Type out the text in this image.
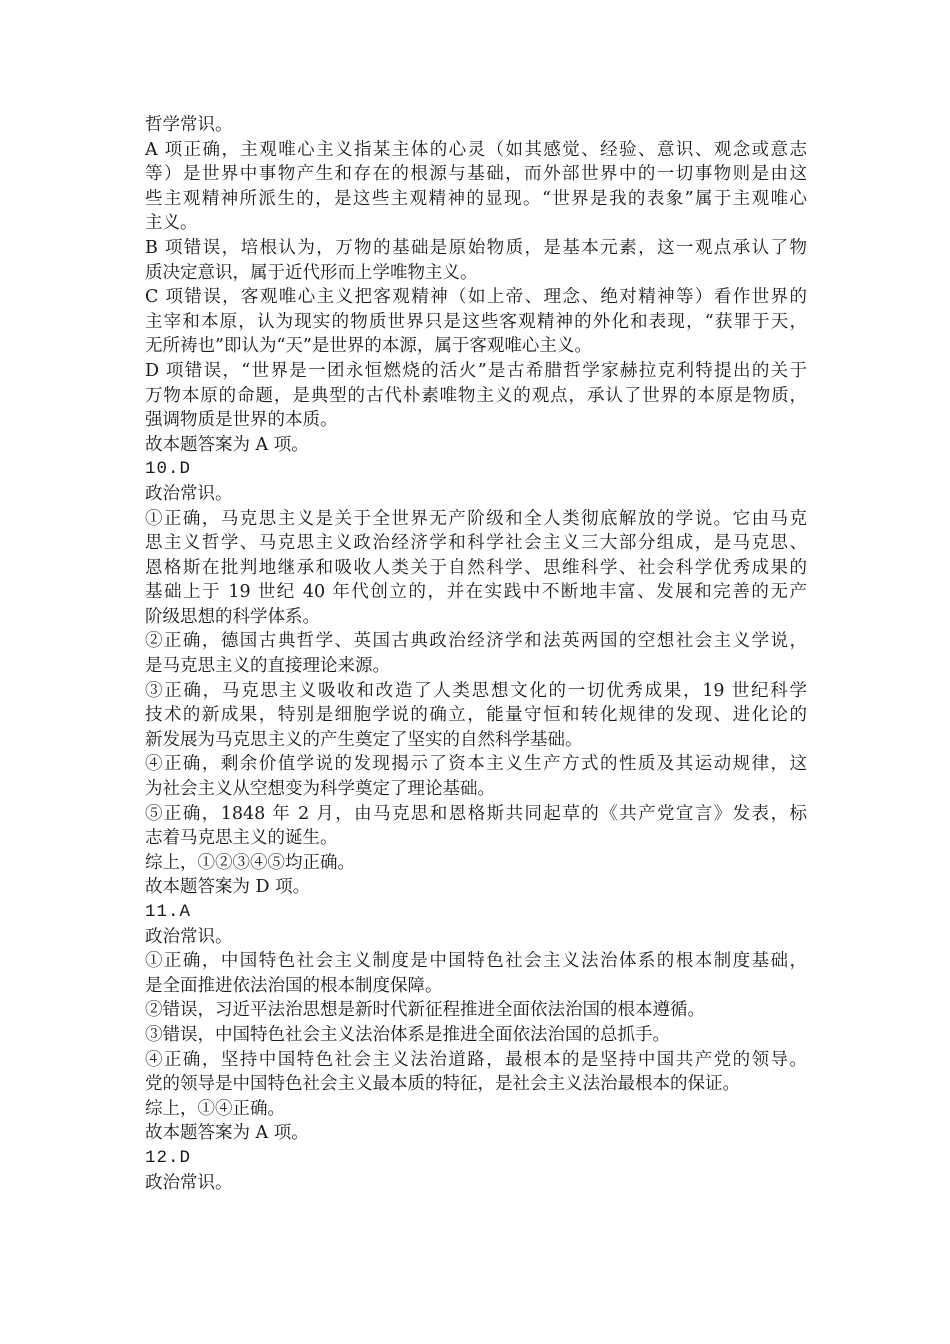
哲学常识。
A 项正确，主观唯心主义指某主体的心灵（如其感觉、经验、意识、观念或意志
等）是世界中事物产生和存在的根源与基础，而外部世界中的一切事物则是由这
些主观精神所派生的，是这些主观精神的显现。“世界是我的表象”属于主观唯心
主义。
B 项错误，培根认为，万物的基础是原始物质，是基本元素，这一观点承认了物
质决定意识，属于近代形而上学唯物主义。
C 项错误，客观唯心主义把客观精神（如上帝、理念、绝对精神等）看作世界的
主宰和本原，认为现实的物质世界只是这些客观精神的外化和表现，“获罪于天，
无所祷也”即认为“天”是世界的本源，属于客观唯心主义。
D 项错误，“世界是一团永恒燃烧的活火”是古希腊哲学家赫拉克利特提出的关于
万物本原的命题，是典型的古代朴素唯物主义的观点，承认了世界的本原是物质，
强调物质是世界的本质。
故本题答案为 A 项。
10.D
政治常识。
①正确，马克思主义是关于全世界无产阶级和全人类彻底解放的学说。它由马克
思主义哲学、马克思主义政治经济学和科学社会主义三大部分组成，是马克思、
恩格斯在批判地继承和吸收人类关于自然科学、思维科学、社会科学优秀成果的
基础上于 19 世纪 40 年代创立的，并在实践中不断地丰富、发展和完善的无产
阶级思想的科学体系。
②正确，德国古典哲学、英国古典政治经济学和法英两国的空想社会主义学说，
是马克思主义的直接理论来源。
③正确，马克思主义吸收和改造了人类思想文化的一切优秀成果，19 世纪科学
技术的新成果，特别是细胞学说的确立，能量守恒和转化规律的发现、进化论的
新发展为马克思主义的产生奠定了坚实的自然科学基础。
④正确，剩余价值学说的发现揭示了资本主义生产方式的性质及其运动规律，这
为社会主义从空想变为科学奠定了理论基础。
⑤正确，1848 年 2 月，由马克思和恩格斯共同起草的《共产党宣言》发表，标
志着马克思主义的诞生。
综上，①②③④⑤均正确。
故本题答案为 D 项。
11.A
政治常识。
①正确，中国特色社会主义制度是中国特色社会主义法治体系的根本制度基础，
是全面推进依法治国的根本制度保障。
②错误，习近平法治思想是新时代新征程推进全面依法治国的根本遵循。
③错误，中国特色社会主义法治体系是推进全面依法治国的总抓手。
④正确，坚持中国特色社会主义法治道路，最根本的是坚持中国共产党的领导。
党的领导是中国特色社会主义最本质的特征，是社会主义法治最根本的保证。
综上，①④正确。
故本题答案为 A 项。
12.D
政治常识。
